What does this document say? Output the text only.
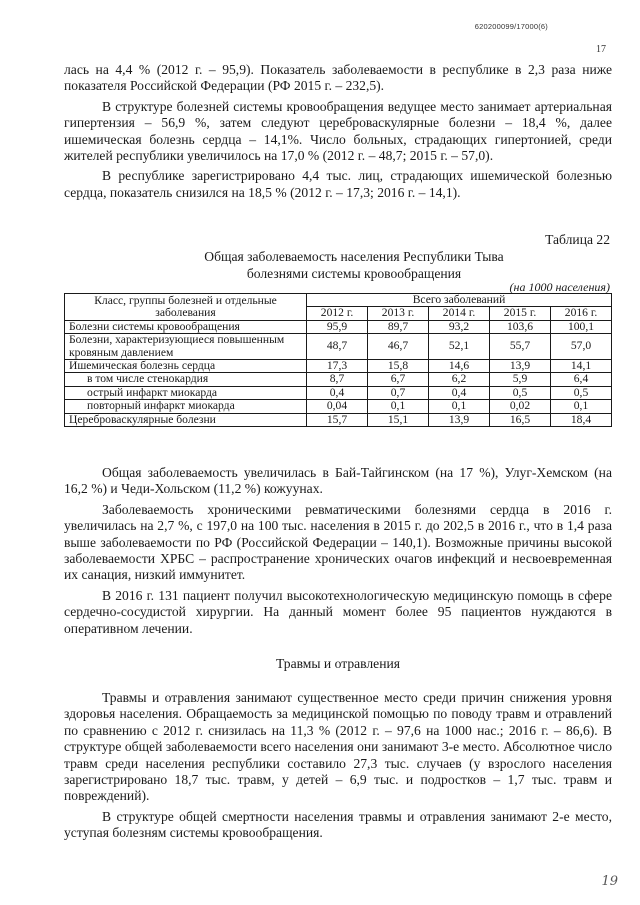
620200099/17000(6)
17

лась на 4,4 % (2012 г. – 95,9). Показатель заболеваемости в республике в 2,3 раза ниже показателя Российской Федерации (РФ 2015 г. – 232,5).

В структуре болезней системы кровообращения ведущее место занимает артериальная гипертензия – 56,9 %, затем следуют цереброваскулярные болезни – 18,4 %, далее ишемическая болезнь сердца – 14,1%. Число больных, страдающих гипертонией, среди жителей республики увеличилось на 17,0 % (2012 г. – 48,7; 2015 г. – 57,0).

В республике зарегистрировано 4,4 тыс. лиц, страдающих ишемической болезнью сердца, показатель снизился на 18,5 % (2012 г. – 17,3; 2016 г. – 14,1).

Таблица 22
Общая заболеваемость населения Республики Тыва
болезнями системы кровообращения
(на 1000 населения)
Класс, группы болезней и отдельные заболевания	Всего заболеваний				
	2012 г.	2013 г.	2014 г.	2015 г.	2016 г.
Болезни системы кровообращения	95,9	89,7	93,2	103,6	100,1
Болезни, характеризующиеся повышенным кровяным давлением	48,7	46,7	52,1	55,7	57,0
Ишемическая болезнь сердца	17,3	15,8	14,6	13,9	14,1
в том числе стенокардия	8,7	6,7	6,2	5,9	6,4
острый инфаркт миокарда	0,4	0,7	0,4	0,5	0,5
повторный инфаркт миокарда	0,04	0,1	0,1	0,02	0,1
Цереброваскулярные болезни	15,7	15,1	13,9	16,5	18,4

Общая заболеваемость увеличилась в Бай-Тайгинском (на 17 %), Улуг-Хемском (на 16,2 %) и Чеди-Хольском (11,2 %) кожуунах.

Заболеваемость хроническими ревматическими болезнями сердца в 2016 г. увеличилась на 2,7 %, с 197,0 на 100 тыс. населения в 2015 г. до 202,5 в 2016 г., что в 1,4 раза выше заболеваемости по РФ (Российской Федерации – 140,1). Возможные причины высокой заболеваемости ХРБС – распространение хронических очагов инфекций и несвоевременная их санация, низкий иммунитет.

В 2016 г. 131 пациент получил высокотехнологическую медицинскую помощь в сфере сердечно-сосудистой хирургии. На данный момент более 95 пациентов нуждаются в оперативном лечении.

Травмы и отравления

Травмы и отравления занимают существенное место среди причин снижения уровня здоровья населения. Обращаемость за медицинской помощью по поводу травм и отравлений по сравнению с 2012 г. снизилась на 11,3 % (2012 г. – 97,6 на 1000 нас.; 2016 г. – 86,6). В структуре общей заболеваемости всего населения они занимают 3-е место. Абсолютное число травм среди населения республики составило 27,3 тыс. случаев (у взрослого населения зарегистрировано 18,7 тыс. травм, у детей – 6,9 тыс. и подростков – 1,7 тыс. травм и повреждений).

В структуре общей смертности населения травмы и отравления занимают 2-е место, уступая болезням системы кровообращения.

19
